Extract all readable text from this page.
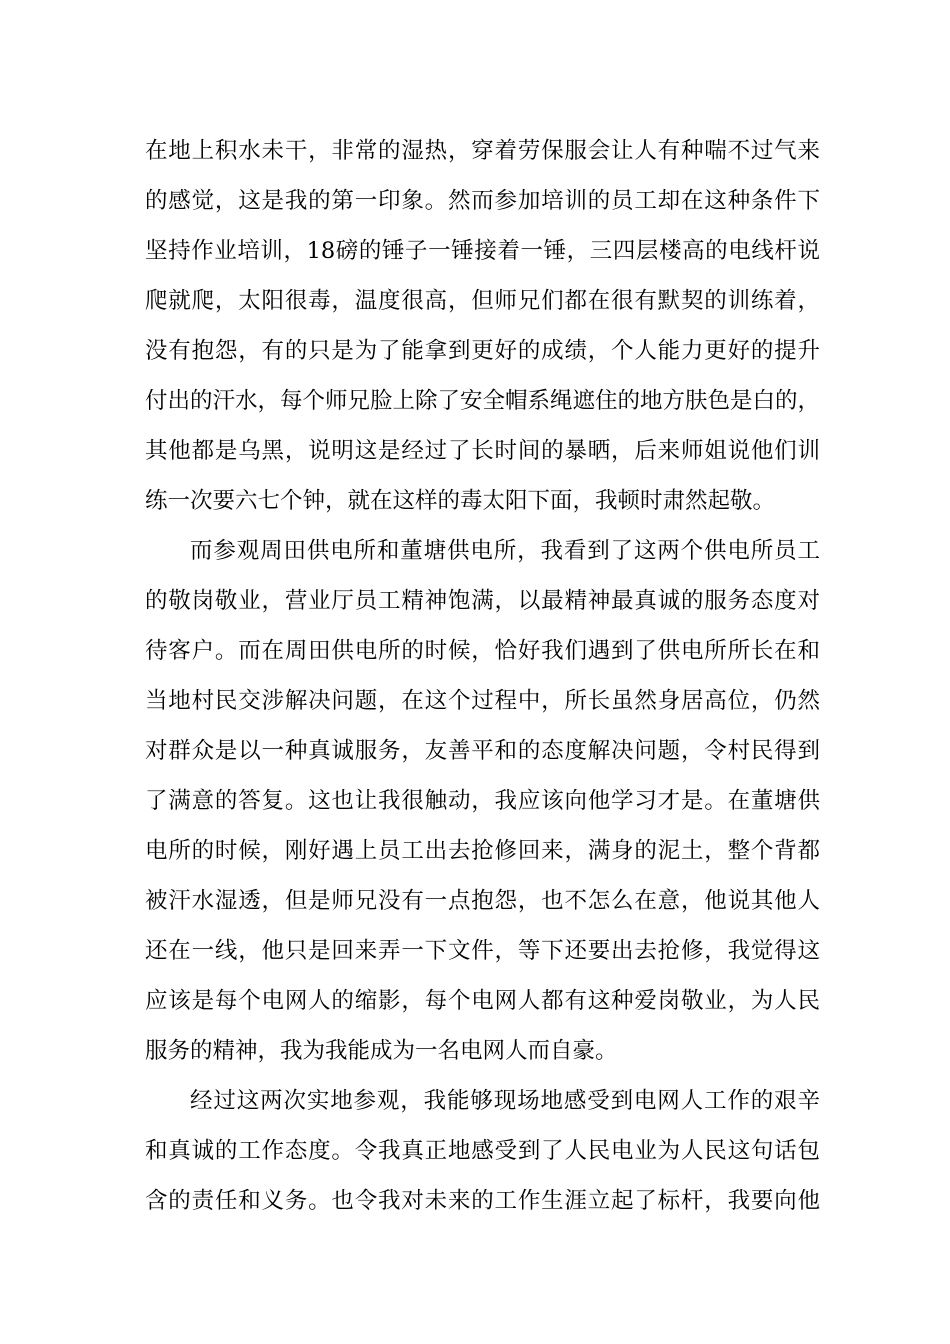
在地上积水未干，非常的湿热，穿着劳保服会让人有种喘不过气来
的感觉，这是我的第一印象。然而参加培训的员工却在这种条件下
坚持作业培训，18磅的锤子一锤接着一锤，三四层楼高的电线杆说
爬就爬，太阳很毒，温度很高，但师兄们都在很有默契的训练着，
没有抱怨，有的只是为了能拿到更好的成绩，个人能力更好的提升
付出的汗水，每个师兄脸上除了安全帽系绳遮住的地方肤色是白的，
其他都是乌黑，说明这是经过了长时间的暴晒，后来师姐说他们训
练一次要六七个钟，就在这样的毒太阳下面，我顿时肃然起敬。
而参观周田供电所和董塘供电所，我看到了这两个供电所员工
的敬岗敬业，营业厅员工精神饱满，以最精神最真诚的服务态度对
待客户。而在周田供电所的时候，恰好我们遇到了供电所所长在和
当地村民交涉解决问题，在这个过程中，所长虽然身居高位，仍然
对群众是以一种真诚服务，友善平和的态度解决问题，令村民得到
了满意的答复。这也让我很触动，我应该向他学习才是。在董塘供
电所的时候，刚好遇上员工出去抢修回来，满身的泥土，整个背都
被汗水湿透，但是师兄没有一点抱怨，也不怎么在意，他说其他人
还在一线，他只是回来弄一下文件，等下还要出去抢修，我觉得这
应该是每个电网人的缩影，每个电网人都有这种爱岗敬业，为人民
服务的精神，我为我能成为一名电网人而自豪。
经过这两次实地参观，我能够现场地感受到电网人工作的艰辛
和真诚的工作态度。令我真正地感受到了人民电业为人民这句话包
含的责任和义务。也令我对未来的工作生涯立起了标杆，我要向他
